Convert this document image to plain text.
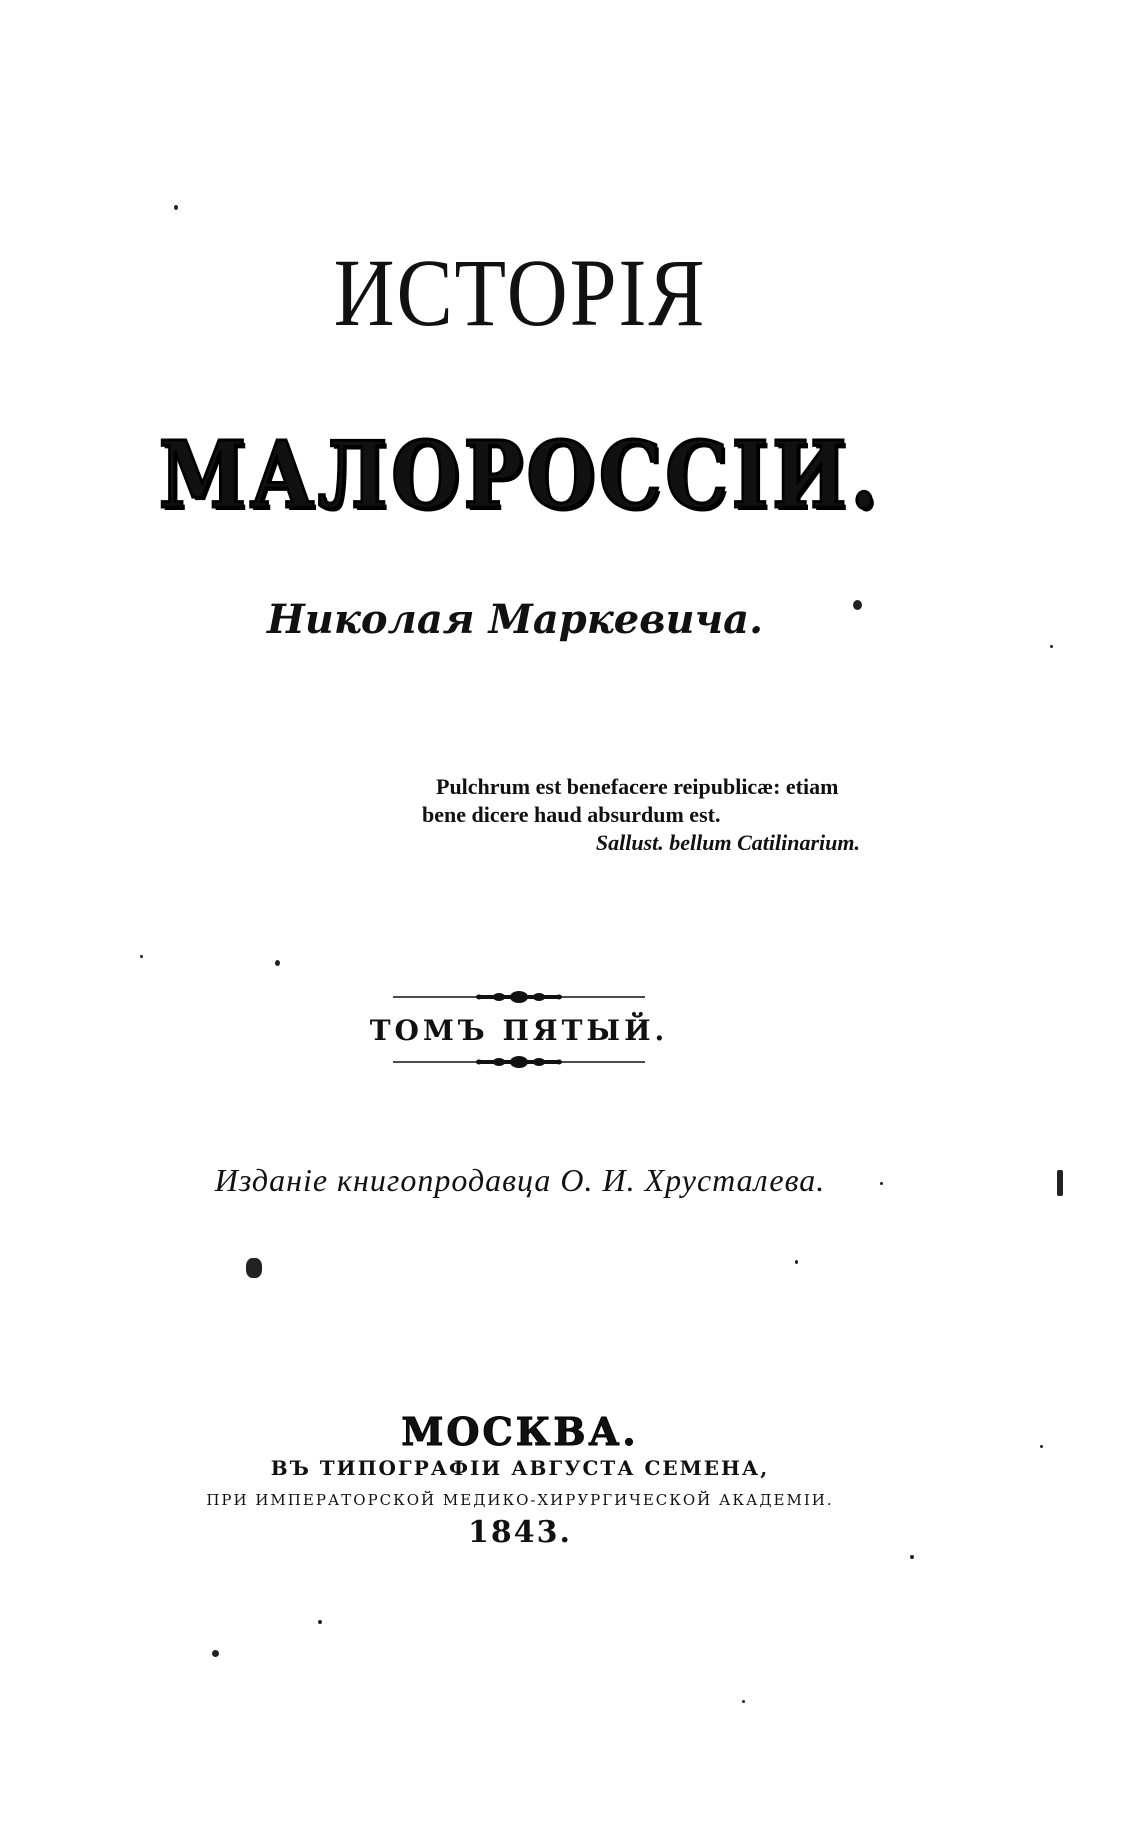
ИСТОРІЯ
МАЛОРОССІИ.
Николая Маркевича.
Pulchrum est benefacere reipublicæ: etiam
bene dicere haud absurdum est.
Sallust. bellum Catilinarium.
ТОМЪ ПЯТЫЙ.
Изданіе книгопродавца О. И. Хрусталева.
МОСКВА.
ВЪ ТИПОГРАФІИ АВГУСТА СЕМЕНА,
ПРИ ИМПЕРАТОРСКОЙ МЕДИКО-ХИРУРГИЧЕСКОЙ АКАДЕМІИ.
1843.
